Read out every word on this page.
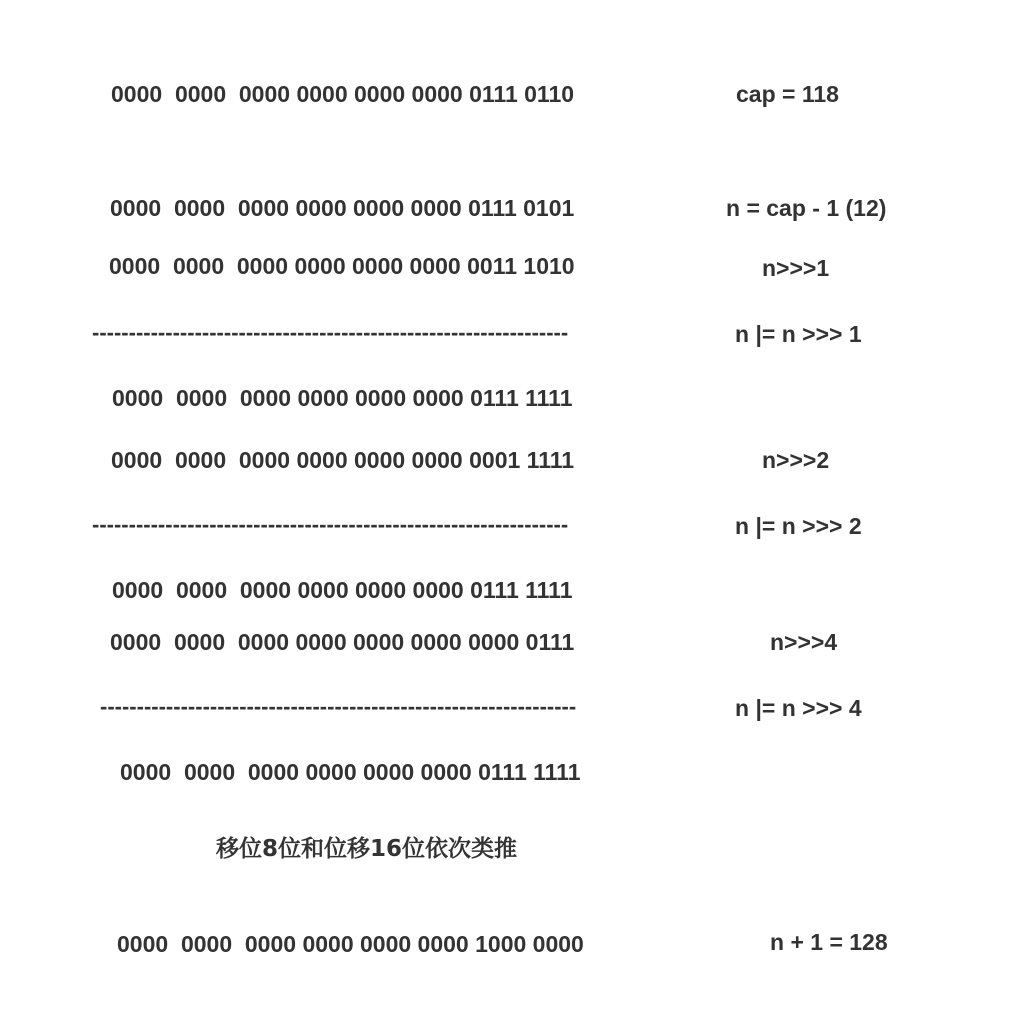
0000  0000  0000 0000 0000 0000 0111 0110	cap = 118
0000  0000  0000 0000 0000 0000 0111 0101	n = cap - 1 (12)
0000  0000  0000 0000 0000 0000 0011 1010	n>>>1
-----------------------------------------------------------------	n |= n >>> 1
0000  0000  0000 0000 0000 0000 0111 1111
0000  0000  0000 0000 0000 0000 0001 1111	n>>>2
-----------------------------------------------------------------	n |= n >>> 2
0000  0000  0000 0000 0000 0000 0111 1111
0000  0000  0000 0000 0000 0000 0000 0111	n>>>4
-----------------------------------------------------------------	n |= n >>> 4
0000  0000  0000 0000 0000 0000 0111 1111
移位8位和位移16位依次类推
0000  0000  0000 0000 0000 0000 1000 0000	n + 1 = 128
